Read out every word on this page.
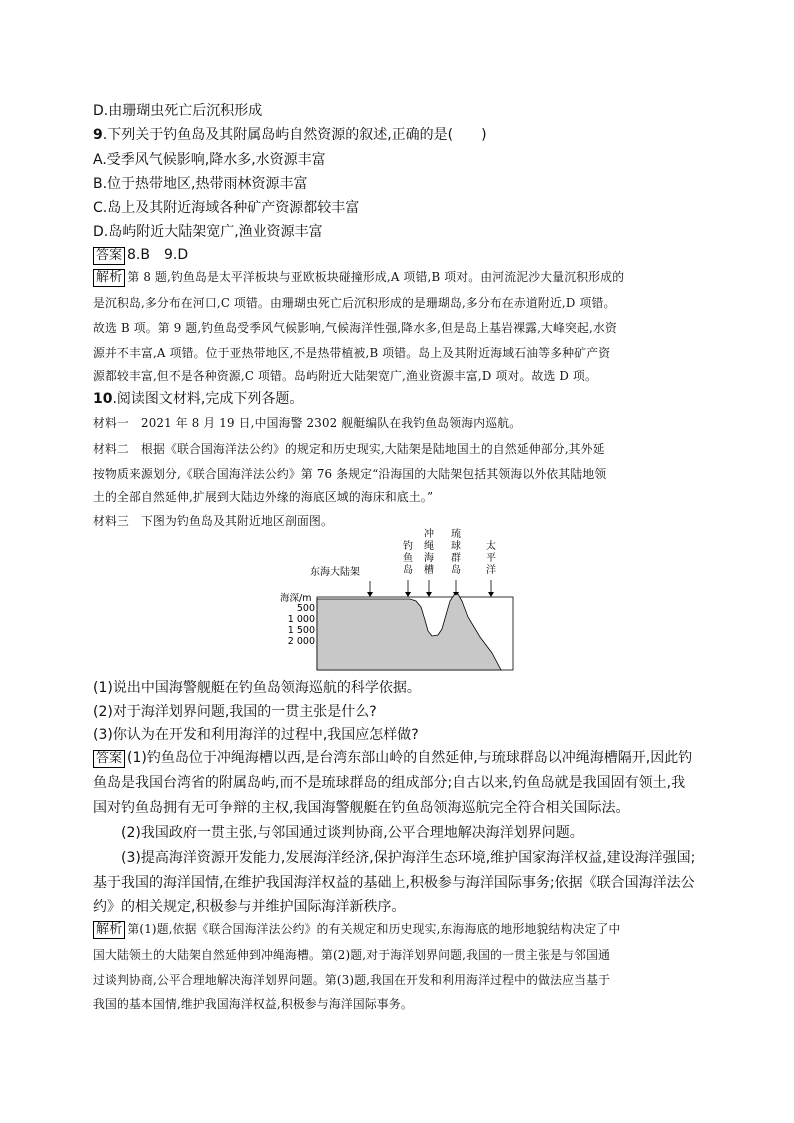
D.由珊瑚虫死亡后沉积形成
9.下列关于钓鱼岛及其附属岛屿自然资源的叙述,正确的是(　　)
A.受季风气候影响,降水多,水资源丰富
B.位于热带地区,热带雨林资源丰富
C.岛上及其附近海域各种矿产资源都较丰富
D.岛屿附近大陆架宽广,渔业资源丰富
答案 8.B　9.D
解析 第 8 题,钓鱼岛是太平洋板块与亚欧板块碰撞形成,A 项错,B 项对。由河流泥沙大量沉积形成的
是沉积岛,多分布在河口,C 项错。由珊瑚虫死亡后沉积形成的是珊瑚岛,多分布在赤道附近,D 项错。
故选 B 项。第 9 题,钓鱼岛受季风气候影响,气候海洋性强,降水多,但是岛上基岩裸露,大峰突起,水资
源并不丰富,A 项错。位于亚热带地区,不是热带植被,B 项错。岛上及其附近海域石油等多种矿产资
源都较丰富,但不是各种资源,C 项错。岛屿附近大陆架宽广,渔业资源丰富,D 项对。故选 D 项。
10.阅读图文材料,完成下列各题。
材料一　2021 年 8 月 19 日,中国海警 2302 舰艇编队在我钓鱼岛领海内巡航。
材料二　根据《联合国海洋法公约》的规定和历史现实,大陆架是陆地国土的自然延伸部分,其外延
按物质来源划分,《联合国海洋法公约》第 76 条规定“沿海国的大陆架包括其领海以外依其陆地领
土的全部自然延伸,扩展到大陆边外缘的海底区域的海床和底土。”
材料三　下图为钓鱼岛及其附近地区剖面图。
东海大陆架
钓
鱼
岛
冲
绳
海
槽
琉
球
群
岛
太
平
洋
海深/m
500
1 000
1 500
2 000
(1)说出中国海警舰艇在钓鱼岛领海巡航的科学依据。
(2)对于海洋划界问题,我国的一贯主张是什么?
(3)你认为在开发和利用海洋的过程中,我国应怎样做?
答案 (1)钓鱼岛位于冲绳海槽以西,是台湾东部山岭的自然延伸,与琉球群岛以冲绳海槽隔开,因此钓
鱼岛是我国台湾省的附属岛屿,而不是琉球群岛的组成部分;自古以来,钓鱼岛就是我国固有领土,我
国对钓鱼岛拥有无可争辩的主权,我国海警舰艇在钓鱼岛领海巡航完全符合相关国际法。
(2)我国政府一贯主张,与邻国通过谈判协商,公平合理地解决海洋划界问题。
(3)提高海洋资源开发能力,发展海洋经济,保护海洋生态环境,维护国家海洋权益,建设海洋强国;
基于我国的海洋国情,在维护我国海洋权益的基础上,积极参与海洋国际事务;依据《联合国海洋法公
约》的相关规定,积极参与并维护国际海洋新秩序。
解析 第(1)题,依据《联合国海洋法公约》的有关规定和历史现实,东海海底的地形地貌结构决定了中
国大陆领土的大陆架自然延伸到冲绳海槽。第(2)题,对于海洋划界问题,我国的一贯主张是与邻国通
过谈判协商,公平合理地解决海洋划界问题。第(3)题,我国在开发和利用海洋过程中的做法应当基于
我国的基本国情,维护我国海洋权益,积极参与海洋国际事务。
